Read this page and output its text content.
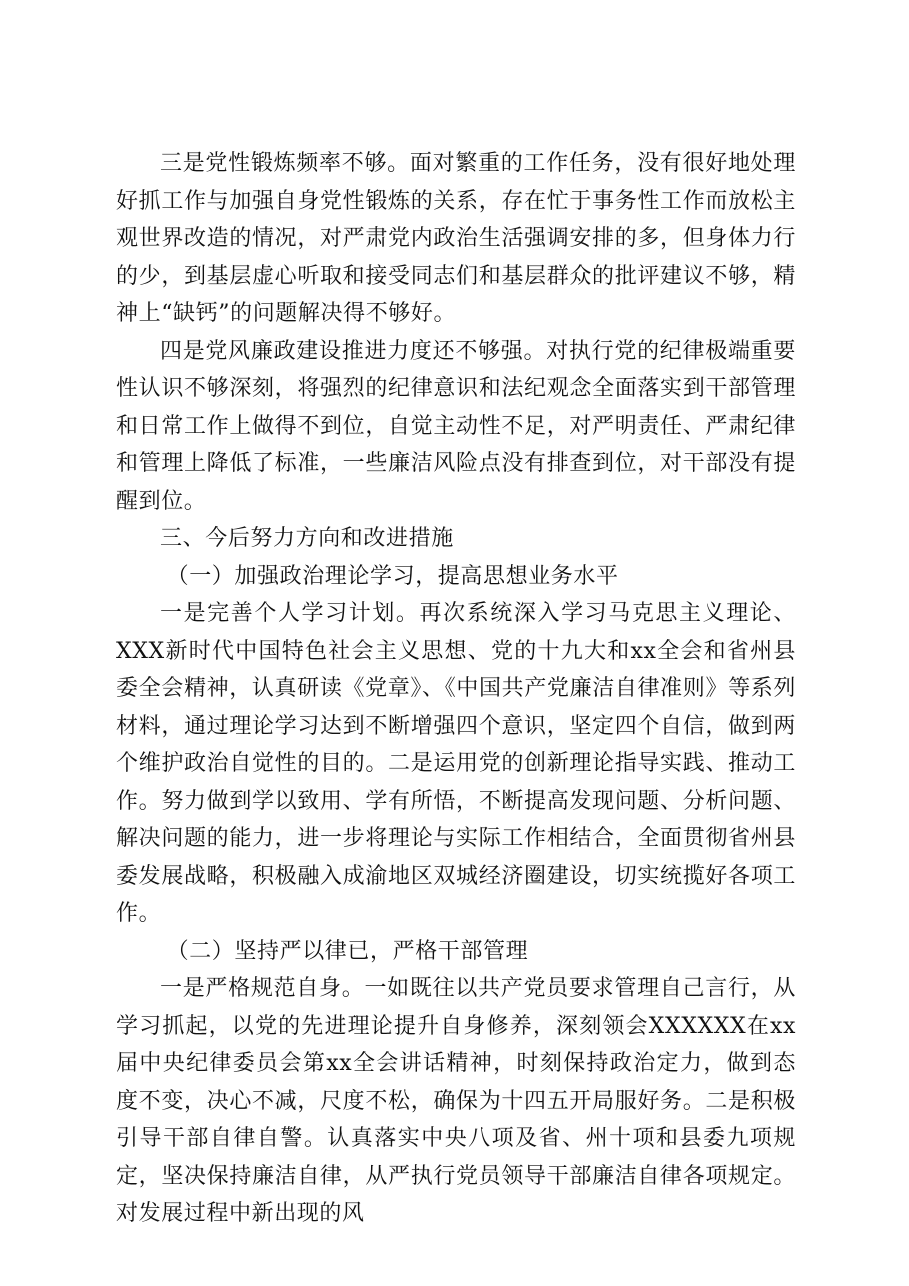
三是党性锻炼频率不够。面对繁重的工作任务，没有很好地处理好抓工作与加强自身党性锻炼的关系，存在忙于事务性工作而放松主观世界改造的情况，对严肃党内政治生活强调安排的多，但身体力行的少，到基层虚心听取和接受同志们和基层群众的批评建议不够，精神上“缺钙”的问题解决得不够好。

四是党风廉政建设推进力度还不够强。对执行党的纪律极端重要性认识不够深刻，将强烈的纪律意识和法纪观念全面落实到干部管理和日常工作上做得不到位，自觉主动性不足，对严明责任、严肃纪律和管理上降低了标准，一些廉洁风险点没有排查到位，对干部没有提醒到位。

三、今后努力方向和改进措施

（一）加强政治理论学习，提高思想业务水平

一是完善个人学习计划。再次系统深入学习马克思主义理论、XXX新时代中国特色社会主义思想、党的十九大和xx全会和省州县委全会精神，认真研读《党章》、《中国共产党廉洁自律准则》等系列材料，通过理论学习达到不断增强四个意识，坚定四个自信，做到两个维护政治自觉性的目的。二是运用党的创新理论指导实践、推动工作。努力做到学以致用、学有所悟，不断提高发现问题、分析问题、解决问题的能力，进一步将理论与实际工作相结合，全面贯彻省州县委发展战略，积极融入成渝地区双城经济圈建设，切实统揽好各项工作。

（二）坚持严以律已，严格干部管理

一是严格规范自身。一如既往以共产党员要求管理自己言行，从学习抓起，以党的先进理论提升自身修养，深刻领会XXXXXX在xx届中央纪律委员会第xx全会讲话精神，时刻保持政治定力，做到态度不变，决心不减，尺度不松，确保为十四五开局服好务。二是积极引导干部自律自警。认真落实中央八项及省、州十项和县委九项规定，坚决保持廉洁自律，从严执行党员领导干部廉洁自律各项规定。对发展过程中新出现的风
